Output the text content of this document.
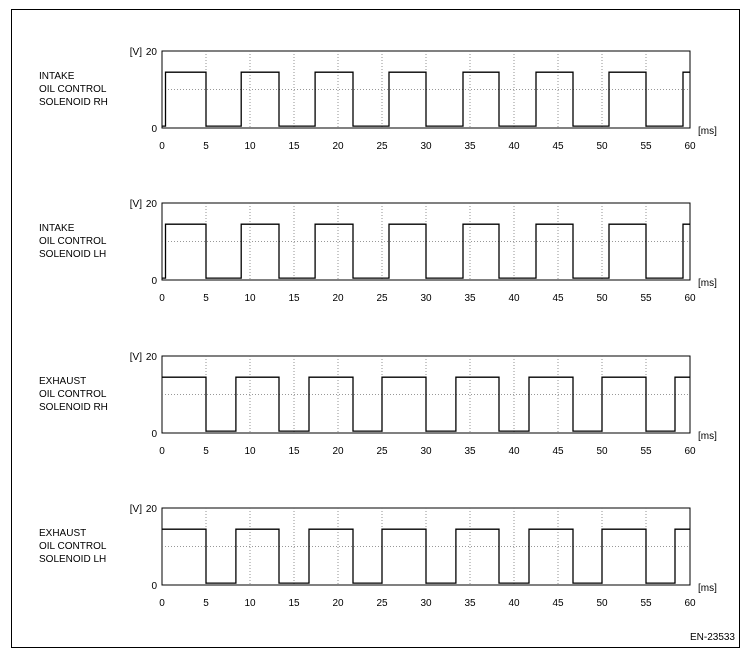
0
20
[V]
0	5	10	15	20	25	30	35	40	45	50	55	60
[ms]
INTAKE
OIL CONTROL
SOLENOID RH
0
20
[V]
0	5	10	15	20	25	30	35	40	45	50	55	60
[ms]
INTAKE
OIL CONTROL
SOLENOID LH
0
20
[V]
0	5	10	15	20	25	30	35	40	45	50	55	60
[ms]
EXHAUST
OIL CONTROL
SOLENOID RH
0
20
[V]
0	5	10	15	20	25	30	35	40	45	50	55	60
[ms]
EXHAUST
OIL CONTROL
SOLENOID LH
EN-23533
